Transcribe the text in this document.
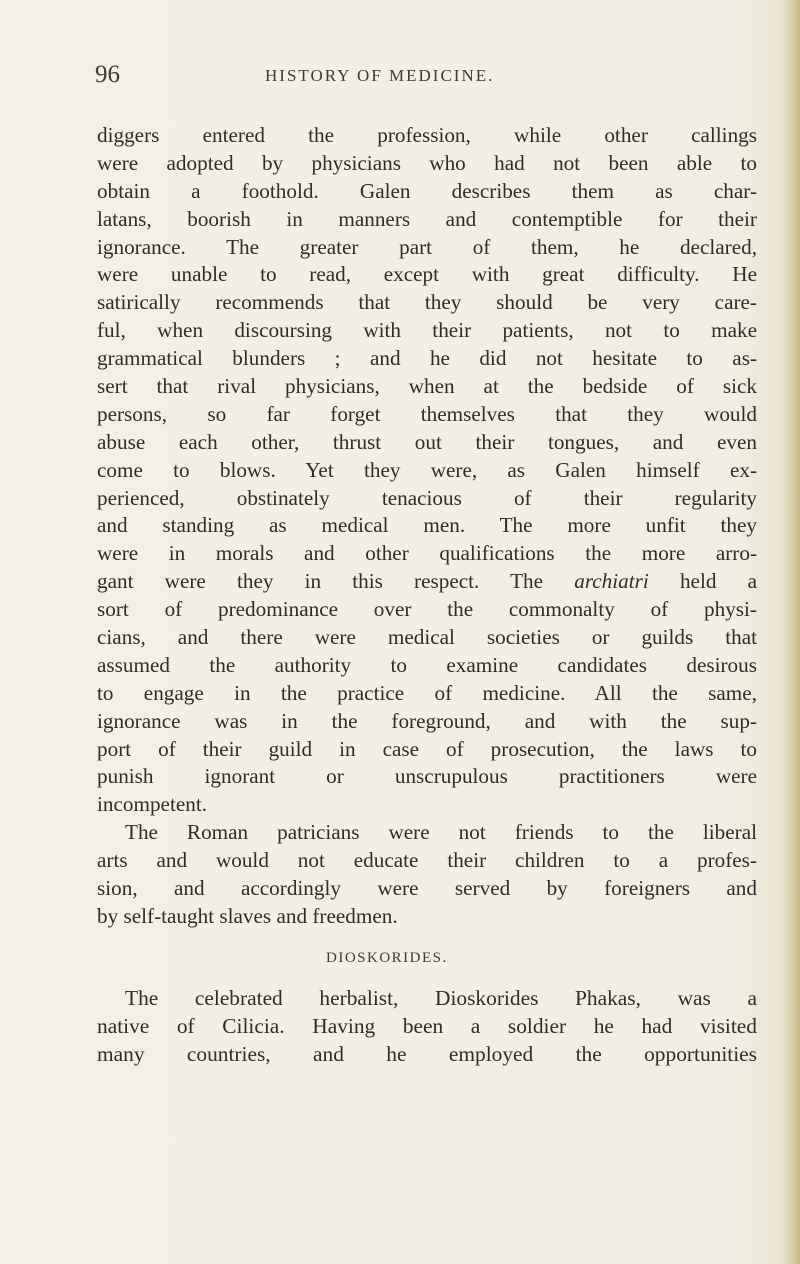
96	HISTORY OF MEDICINE.
diggers entered the profession, while other callings
were adopted by physicians who had not been able to
obtain a foothold. Galen describes them as char-
latans, boorish in manners and contemptible for their
ignorance. The greater part of them, he declared,
were unable to read, except with great difficulty. He
satirically recommends that they should be very care-
ful, when discoursing with their patients, not to make
grammatical blunders ; and he did not hesitate to as-
sert that rival physicians, when at the bedside of sick
persons, so far forget themselves that they would
abuse each other, thrust out their tongues, and even
come to blows. Yet they were, as Galen himself ex-
perienced, obstinately tenacious of their regularity
and standing as medical men. The more unfit they
were in morals and other qualifications the more arro-
gant were they in this respect. The archiatri held a
sort of predominance over the commonalty of physi-
cians, and there were medical societies or guilds that
assumed the authority to examine candidates desirous
to engage in the practice of medicine. All the same,
ignorance was in the foreground, and with the sup-
port of their guild in case of prosecution, the laws to
punish ignorant or unscrupulous practitioners were
incompetent.
The Roman patricians were not friends to the liberal
arts and would not educate their children to a profes-
sion, and accordingly were served by foreigners and
by self-taught slaves and freedmen.
DIOSKORIDES.
The celebrated herbalist, Dioskorides Phakas, was a
native of Cilicia. Having been a soldier he had visited
many countries, and he employed the opportunities
